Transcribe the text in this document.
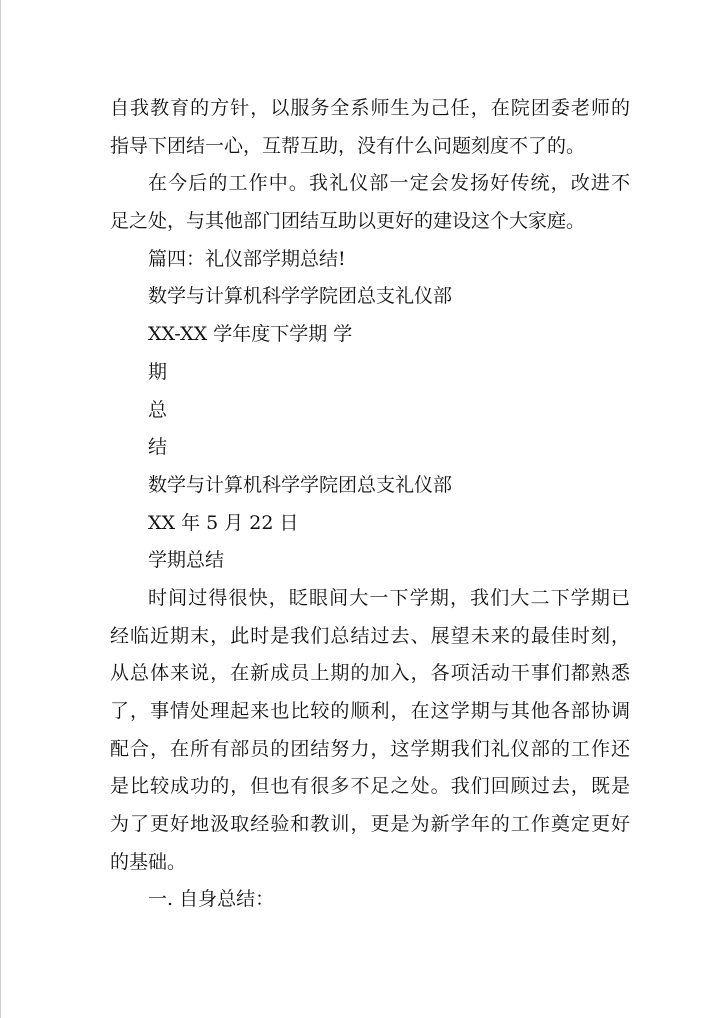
自我教育的方针，以服务全系师生为己任，在院团委老师的
指导下团结一心，互帮互助，没有什么问题刻度不了的。
在今后的工作中。我礼仪部一定会发扬好传统，改进不
足之处，与其他部门团结互助以更好的建设这个大家庭。
篇四：礼仪部学期总结!
数学与计算机科学学院团总支礼仪部
XX-XX 学年度下学期 学
期
总
结
数学与计算机科学学院团总支礼仪部
XX 年 5 月 22 日
学期总结
时间过得很快，眨眼间大一下学期，我们大二下学期已
经临近期末，此时是我们总结过去、展望未来的最佳时刻，
从总体来说，在新成员上期的加入，各项活动干事们都熟悉
了，事情处理起来也比较的顺利，在这学期与其他各部协调
配合，在所有部员的团结努力，这学期我们礼仪部的工作还
是比较成功的，但也有很多不足之处。我们回顾过去，既是
为了更好地汲取经验和教训，更是为新学年的工作奠定更好
的基础。
一. 自身总结：
